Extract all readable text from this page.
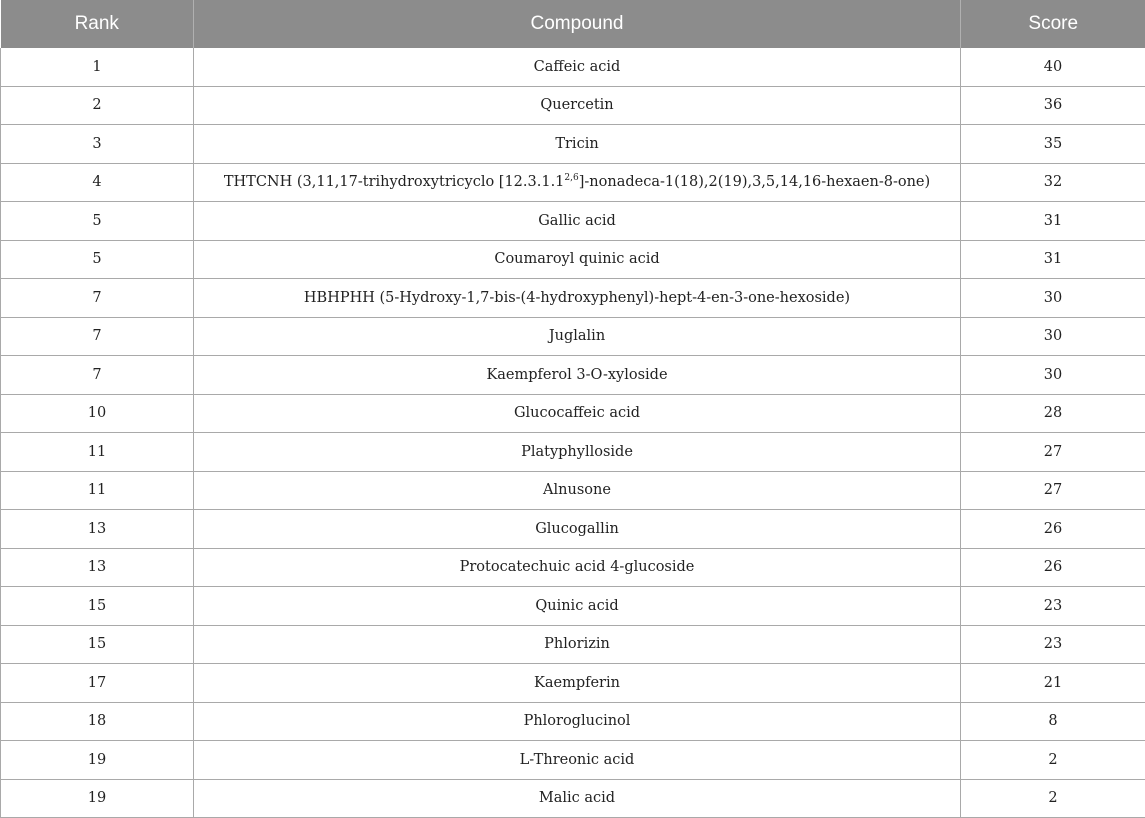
Rank	Compound	Score
1	Caffeic acid	40
2	Quercetin	36
3	Tricin	35
4	THTCNH (3,11,17-trihydroxytricyclo [12.3.1.1$^{2,6}$]-nonadeca-1(18),2(19),3,5,14,16-hexaen-8-one)	32
5	Gallic acid	31
5	Coumaroyl quinic acid	31
7	HBHPHH (5-Hydroxy-1,7-bis-(4-hydroxyphenyl)-hept-4-en-3-one-hexoside)	30
7	Juglalin	30
7	Kaempferol 3-O-xyloside	30
10	Glucocaffeic acid	28
11	Platyphylloside	27
11	Alnusone	27
13	Glucogallin	26
13	Protocatechuic acid 4-glucoside	26
15	Quinic acid	23
15	Phlorizin	23
17	Kaempferin	21
18	Phloroglucinol	8
19	L-Threonic acid	2
19	Malic acid	2
